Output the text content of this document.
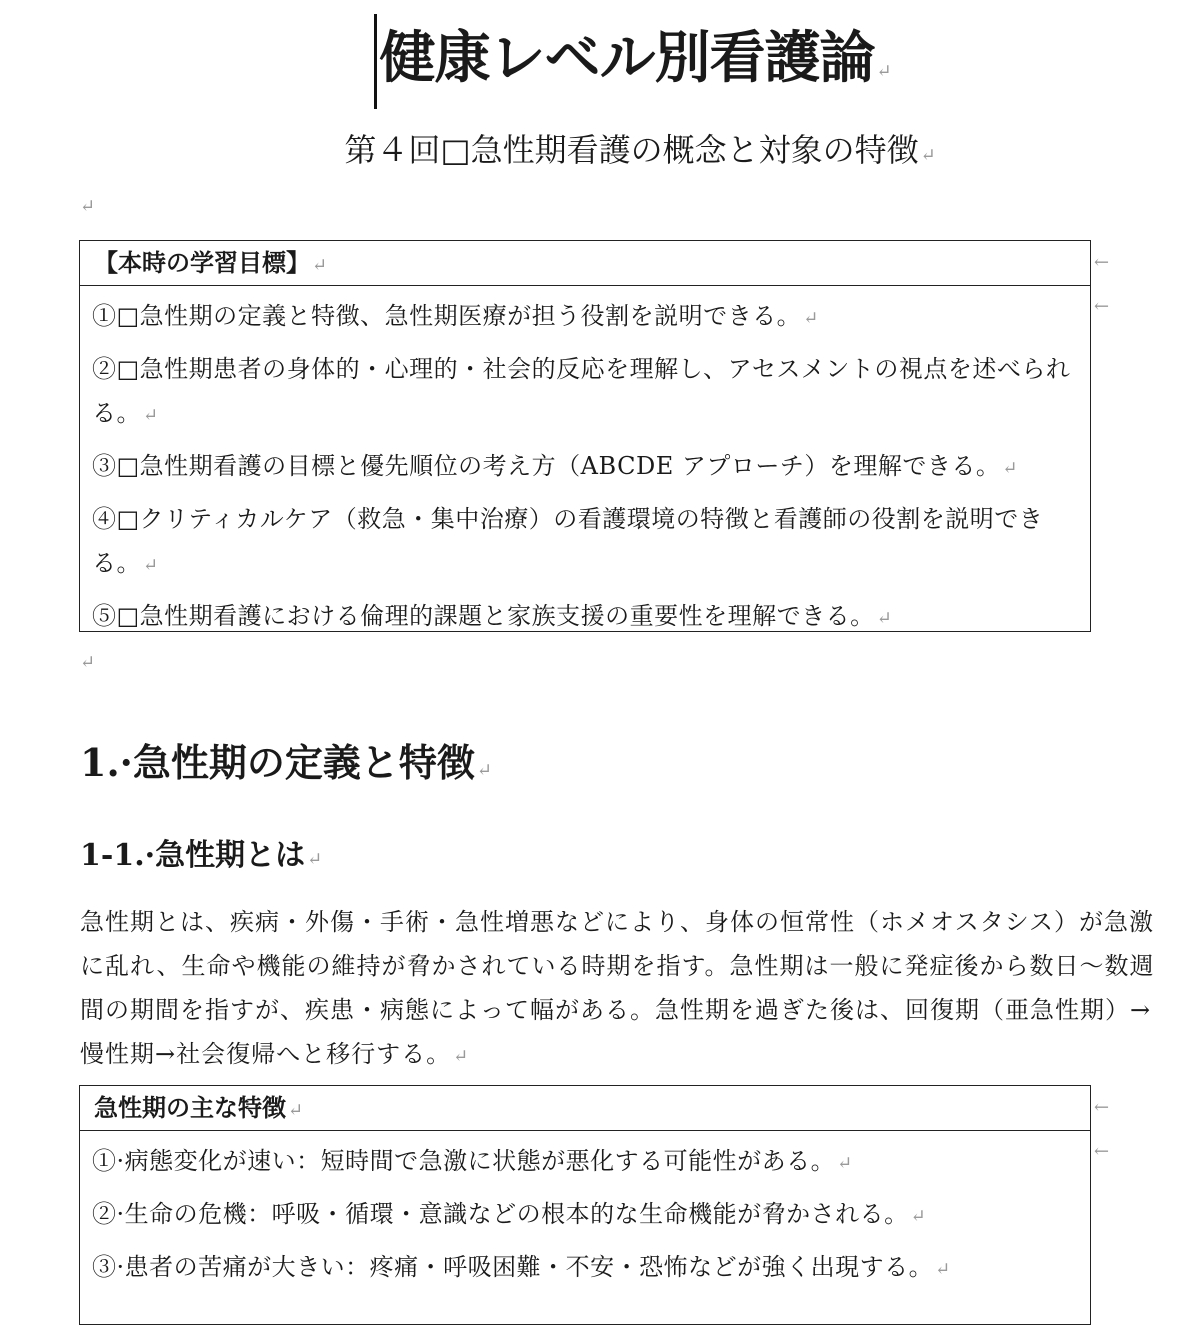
健康レベル別看護論 ↵
第４回□急性期看護の概念と対象の特徴 ↵
↵
【本時の学習目標】 ↵

①□急性期の定義と特徴、急性期医療が担う役割を説明できる。 ↵

②□急性期患者の身体的・心理的・社会的反応を理解し、アセスメントの視点を述べられる。 ↵

③□急性期看護の目標と優先順位の考え方（ABCDE アプローチ）を理解できる。 ↵

④□クリティカルケア（救急・集中治療）の看護環境の特徴と看護師の役割を説明できる。 ↵

⑤□急性期看護における倫理的課題と家族支援の重要性を理解できる。 ↵

←
←
↵
1.·急性期の定義と特徴 ↵
1-1.·急性期とは ↵

急性期とは、疾病・外傷・手術・急性増悪などにより、身体の恒常性（ホメオスタシス）が急激に乱れ、生命や機能の維持が脅かされている時期を指す。急性期は一般に発症後から数日〜数週間の期間を指すが、疾患・病態によって幅がある。急性期を過ぎた後は、回復期（亜急性期）→慢性期→社会復帰へと移行する。 ↵

急性期の主な特徴 ↵

①·病態変化が速い：短時間で急激に状態が悪化する可能性がある。 ↵

②·生命の危機：呼吸・循環・意識などの根本的な生命機能が脅かされる。 ↵

③·患者の苦痛が大きい：疼痛・呼吸困難・不安・恐怖などが強く出現する。 ↵

←
←
